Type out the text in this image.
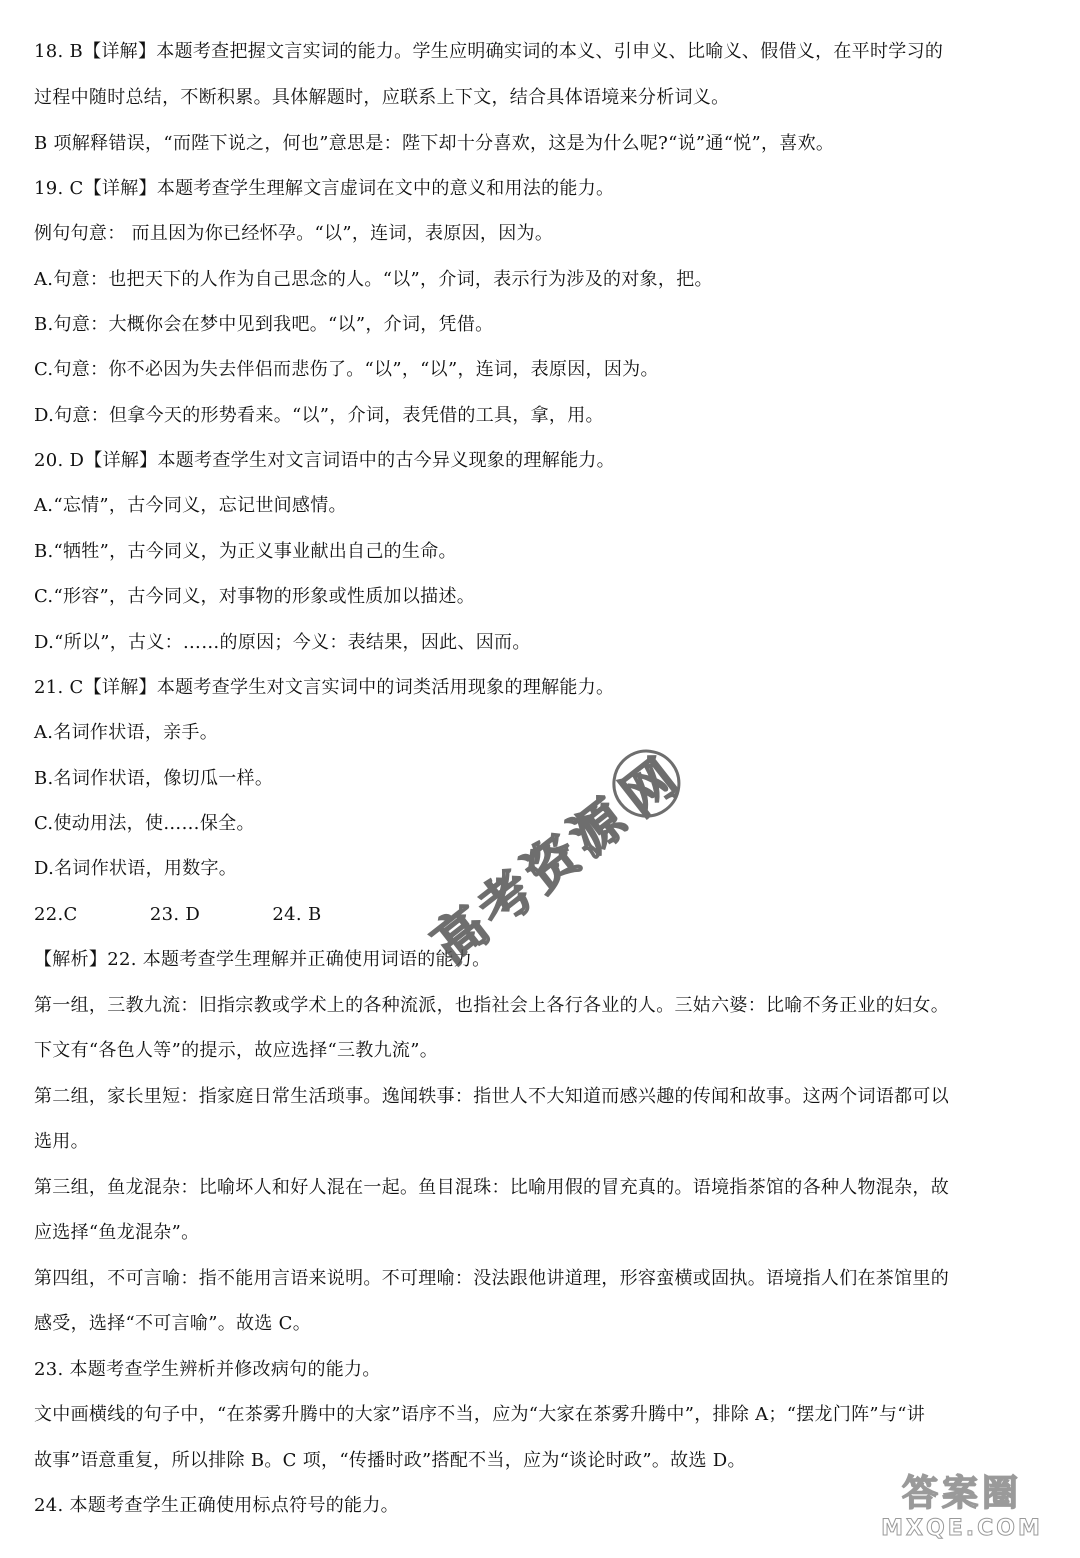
18. B【详解】本题考查把握文言实词的能力。学生应明确实词的本义、引申义、比喻义、假借义，在平时学习的
过程中随时总结，不断积累。具体解题时，应联系上下文，结合具体语境来分析词义。
B 项解释错误，“而陛下说之，何也”意思是：陛下却十分喜欢，这是为什么呢?“说”通“悦”，喜欢。
19. C【详解】本题考查学生理解文言虚词在文中的意义和用法的能力。
例句句意： 而且因为你已经怀孕。“以”，连词，表原因，因为。
A.句意：也把天下的人作为自己思念的人。“以”，介词，表示行为涉及的对象，把。
B.句意：大概你会在梦中见到我吧。“以”，介词，凭借。
C.句意：你不必因为失去伴侣而悲伤了。“以”，“以”，连词，表原因，因为。
D.句意：但拿今天的形势看来。“以”，介词，表凭借的工具，拿，用。
20. D【详解】本题考查学生对文言词语中的古今异义现象的理解能力。
A.“忘情”，古今同义，忘记世间感情。
B.“牺牲”，古今同义，为正义事业献出自己的生命。
C.“形容”，古今同义，对事物的形象或性质加以描述。
D.“所以”，古义：……的原因；今义：表结果，因此、因而。
21. C【详解】本题考查学生对文言实词中的词类活用现象的理解能力。
A.名词作状语，亲手。
B.名词作状语，像切瓜一样。
C.使动用法，使……保全。
D.名词作状语，用数字。
22.C            23. D            24. B
【解析】22. 本题考查学生理解并正确使用词语的能力。
第一组，三教九流：旧指宗教或学术上的各种流派，也指社会上各行各业的人。三姑六婆：比喻不务正业的妇女。
下文有“各色人等”的提示，故应选择“三教九流”。
第二组，家长里短：指家庭日常生活琐事。逸闻轶事：指世人不大知道而感兴趣的传闻和故事。这两个词语都可以
选用。
第三组，鱼龙混杂：比喻坏人和好人混在一起。鱼目混珠：比喻用假的冒充真的。语境指茶馆的各种人物混杂，故
应选择“鱼龙混杂”。
第四组，不可言喻：指不能用言语来说明。不可理喻：没法跟他讲道理，形容蛮横或固执。语境指人们在茶馆里的
感受，选择“不可言喻”。故选 C。
23. 本题考查学生辨析并修改病句的能力。
文中画横线的句子中，“在茶雾升腾中的大家”语序不当，应为“大家在茶雾升腾中”，排除 A；“摆龙门阵”与“讲
故事”语意重复，所以排除 B。C 项，“传播时政”搭配不当，应为“谈论时政”。故选 D。
24. 本题考查学生正确使用标点符号的能力。
高
考
资
源
网
答案圈
MXQE.COM
